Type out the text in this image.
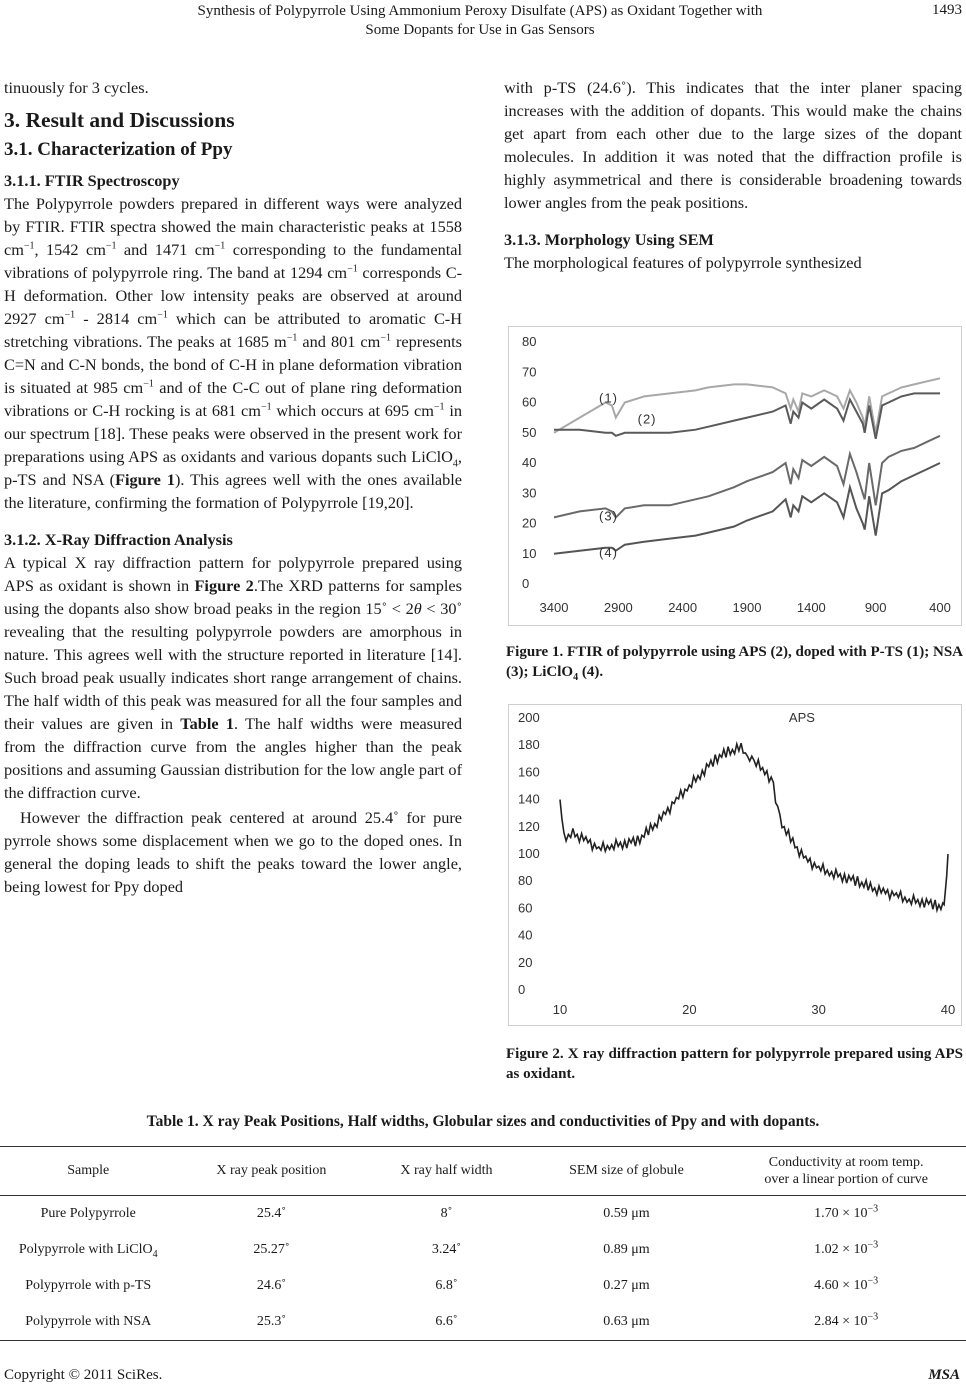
Synthesis of Polypyrrole Using Ammonium Peroxy Disulfate (APS) as Oxidant Together with
Some Dopants for Use in Gas Sensors
1493

tinuously for 3 cycles.

3. Result and Discussions
3.1. Characterization of Ppy
3.1.1. FTIR Spectroscopy

The Polypyrrole powders prepared in different ways were analyzed by FTIR. FTIR spectra showed the main characteristic peaks at 1558 $cm^{-1}$, 1542 $cm^{-1}$ and 1471 $cm^{-1}$ corresponding to the fundamental vibrations of polypyrrole ring. The band at 1294 $cm^{-1}$ corresponds C-H deformation. Other low intensity peaks are observed at around 2927 $cm^{-1} - 2814$ $cm^{-1}$ which can be attributed to aromatic C-H stretching vibrations. The peaks at 1685 $m^{-1}$ and 801 $cm^{-1}$ represents C=N and C-N bonds, the bond of C-H in plane deformation vibration is situated at 985 $cm^{-1}$ and of the C-C out of plane ring deformation vibrations or C-H rocking is at 681 $cm^{-1}$ which occurs at 695 $cm^{-1}$ in our spectrum [18]. These peaks were observed in the present work for preparations using APS as oxidants and various dopants such LiClO$_4$, p-TS and NSA (Figure 1). This agrees well with the ones available the literature, confirming the formation of Polypyrrole [19,20].

3.1.2. X-Ray Diffraction Analysis

A typical X ray diffraction pattern for polypyrrole prepared using APS as oxidant is shown in Figure 2.The XRD patterns for samples using the dopants also show broad peaks in the region 15˚ < 2θ < 30˚ revealing that the resulting polypyrrole powders are amorphous in nature. This agrees well with the structure reported in literature [14]. Such broad peak usually indicates short range arrangement of chains. The half width of this peak was measured for all the four samples and their values are given in Table 1. The half widths were measured from the diffraction curve from the angles higher than the peak positions and assuming Gaussian distribution for the low angle part of the diffraction curve.

However the diffraction peak centered at around 25.4˚ for pure pyrrole shows some displacement when we go to the doped ones. In general the doping leads to shift the peaks toward the lower angle, being lowest for Ppy doped

with p-TS (24.6˚). This indicates that the inter planer spacing increases with the addition of dopants. This would make the chains get apart from each other due to the large sizes of the dopant molecules. In addition it was noted that the diffraction profile is highly asymmetrical and there is considerable broadening towards lower angles from the peak positions.

3.1.3. Morphology Using SEM

The morphological features of polypyrrole synthesized

0
10
20
30
40
50
60
70
80
3400	2900	2400	1900	1400	900	400
(1)
(2)
(3)
(4)
Figure 1. FTIR of polypyrrole using APS (2), doped with P-TS (1); NSA (3); LiClO$_4$ (4).
0
20
40
60
80
100
120
140
160
180
200
10	20	30	40
APS
Figure 2. X ray diffraction pattern for polypyrrole prepared using APS as oxidant.
Table 1. X ray Peak Positions, Half widths, Globular sizes and conductivities of Ppy and with dopants.
Sample	X ray peak position	X ray half width	SEM size of globule	Conductivity at room temp.
over a linear portion of curve
Pure Polypyrrole	25.4˚	8˚	0.59 μm	$1.70 \times 10^{-3}$
Polypyrrole with LiClO$_4$	25.27˚	3.24˚	0.89 μm	$1.02 \times 10^{-3}$
Polypyrrole with p-TS	24.6˚	6.8˚	0.27 μm	$4.60 \times 10^{-3}$
Polypyrrole with NSA	25.3˚	6.6˚	0.63 μm	$2.84 \times 10^{-3}$
Copyright © 2011 SciRes.	MSA
